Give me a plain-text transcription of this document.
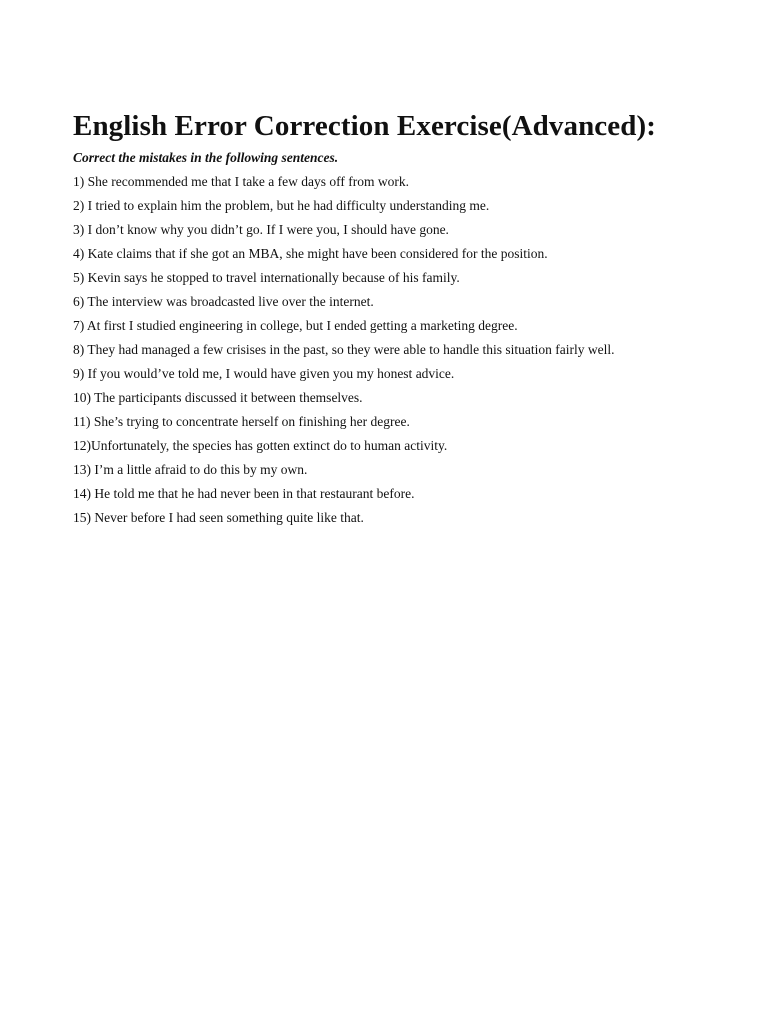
English Error Correction Exercise(Advanced):

Correct the mistakes in the following sentences.

1) She recommended me that I take a few days off from work.
2) I tried to explain him the problem, but he had difficulty understanding me.
3) I don’t know why you didn’t go. If I were you, I should have gone.
4) Kate claims that if she got an MBA, she might have been considered for the position.
5) Kevin says he stopped to travel internationally because of his family.
6) The interview was broadcasted live over the internet.
7) At first I studied engineering in college, but I ended getting a marketing degree.
8) They had managed a few crisises in the past, so they were able to handle this situation fairly well.
9) If you would’ve told me, I would have given you my honest advice.
10) The participants discussed it between themselves.
11) She’s trying to concentrate herself on finishing her degree.
12)Unfortunately, the species has gotten extinct do to human activity.
13) I’m a little afraid to do this by my own.
14) He told me that he had never been in that restaurant before.
15) Never before I had seen something quite like that.
